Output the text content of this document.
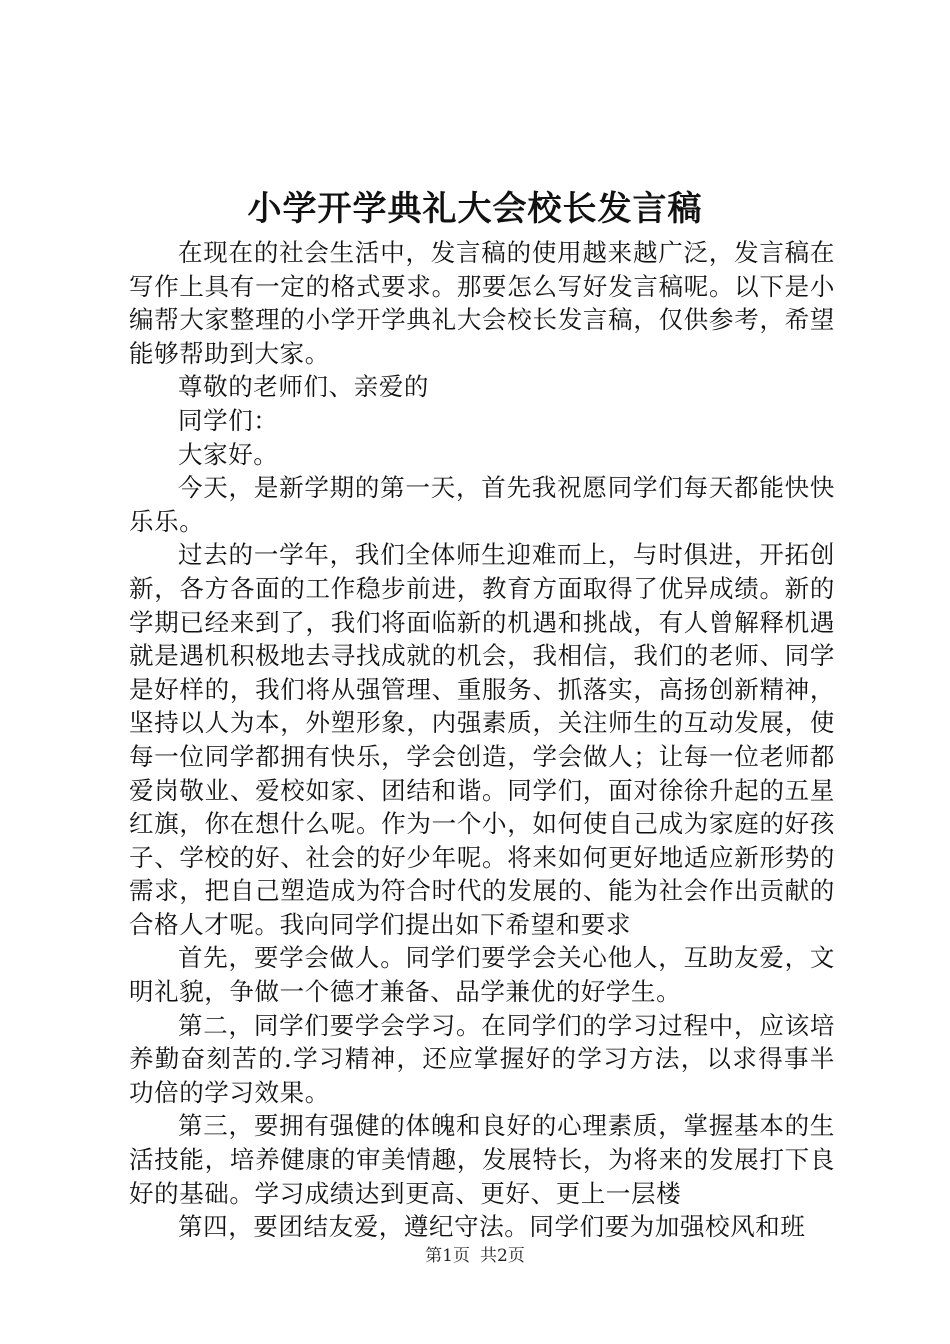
小学开学典礼大会校长发言稿

在现在的社会生活中，发言稿的使用越来越广泛，发言稿在写作上具有一定的格式要求。那要怎么写好发言稿呢。以下是小编帮大家整理的小学开学典礼大会校长发言稿，仅供参考，希望能够帮助到大家。

尊敬的老师们、亲爱的

同学们：

大家好。

今天，是新学期的第一天，首先我祝愿同学们每天都能快快乐乐。

过去的一学年，我们全体师生迎难而上，与时俱进，开拓创新，各方各面的工作稳步前进，教育方面取得了优异成绩。新的学期已经来到了，我们将面临新的机遇和挑战，有人曾解释机遇就是遇机积极地去寻找成就的机会，我相信，我们的老师、同学是好样的，我们将从强管理、重服务、抓落实，高扬创新精神，坚持以人为本，外塑形象，内强素质，关注师生的互动发展，使每一位同学都拥有快乐，学会创造，学会做人；让每一位老师都爱岗敬业、爱校如家、团结和谐。同学们，面对徐徐升起的五星红旗，你在想什么呢。作为一个小，如何使自己成为家庭的好孩子、学校的好、社会的好少年呢。将来如何更好地适应新形势的需求，把自己塑造成为符合时代的发展的、能为社会作出贡献的合格人才呢。我向同学们提出如下希望和要求

首先，要学会做人。同学们要学会关心他人，互助友爱，文明礼貌，争做一个德才兼备、品学兼优的好学生。

第二，同学们要学会学习。在同学们的学习过程中，应该培养勤奋刻苦的.学习精神，还应掌握好的学习方法，以求得事半功倍的学习效果。

第三，要拥有强健的体魄和良好的心理素质，掌握基本的生活技能，培养健康的审美情趣，发展特长，为将来的发展打下良好的基础。学习成绩达到更高、更好、更上一层楼

第四，要团结友爱，遵纪守法。同学们要为加强校风和班

第1页 共2页
